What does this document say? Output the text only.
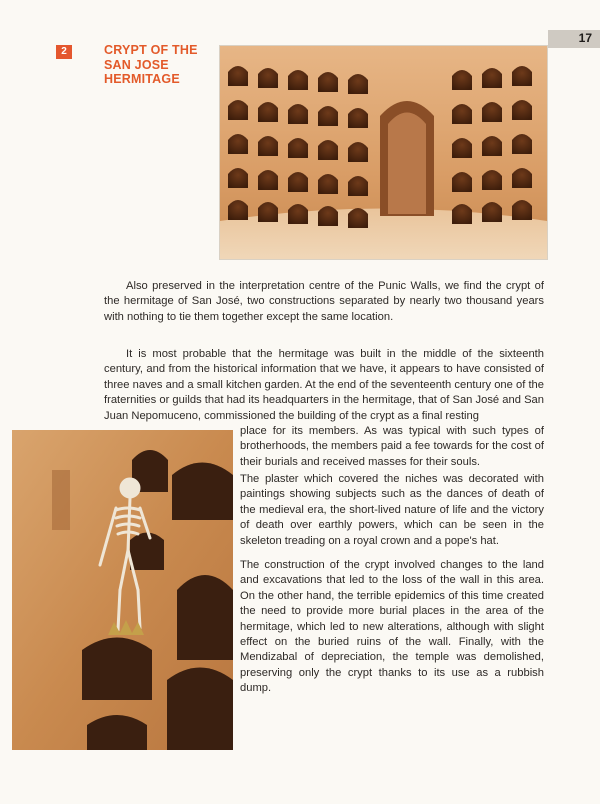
17
2	CRYPT OF THE SAN JOSE HERMITAGE

Also preserved in the interpretation centre of the Punic Walls, we find the crypt of the hermitage of San José, two constructions separated by nearly two thousand years with nothing to tie them together except the same location.

It is most probable that the hermitage was built in the middle of the sixteenth century, and from the historical information that we have, it appears to have consisted of three naves and a small kitchen garden. At the end of the seventeenth century one of the fraternities or guilds that had its headquarters in the hermitage, that of San José and San Juan Nepomuceno, commissioned the building of the crypt as a final resting

place for its members. As was typical with such types of brotherhoods, the members paid a fee towards for the cost of their burials and received masses for their souls.

The plaster which covered the niches was decorated with paintings showing subjects such as the dances of death of the medieval era, the short-lived nature of life and the victory of death over earthly powers, which can be seen in the skeleton treading on a royal crown and a pope's hat.

The construction of the crypt involved changes to the land and excavations that led to the loss of the wall in this area. On the other hand, the terrible epidemics of this time created the need to provide more burial places in the area of the hermitage, which led to new alterations, although with slight effect on the buried ruins of the wall. Finally, with the Mendizabal of depreciation, the temple was demolished, preserving only the crypt thanks to its use as a rubbish dump.
